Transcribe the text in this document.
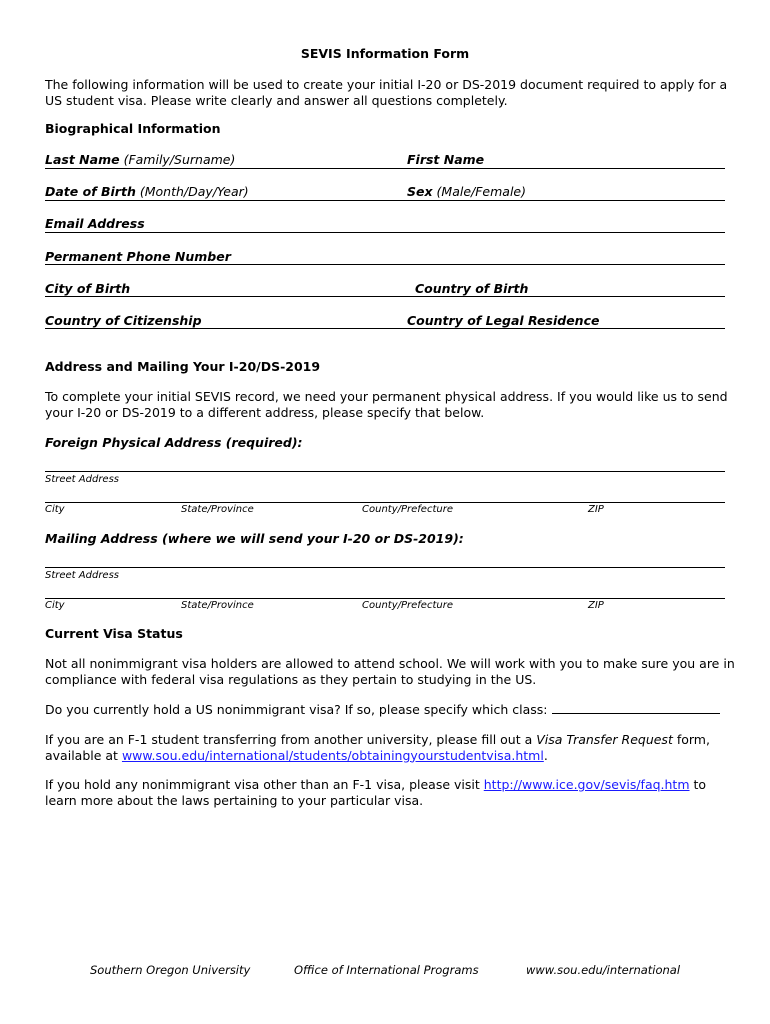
SEVIS Information Form
The following information will be used to create your initial I-20 or DS-2019 document required to apply for a US student visa. Please write clearly and answer all questions completely.
Biographical Information
Last Name (Family/Surname)	First Name
Date of Birth (Month/Day/Year)	Sex (Male/Female)
Email Address
Permanent Phone Number
City of Birth	Country of Birth
Country of Citizenship	Country of Legal Residence
Address and Mailing Your I-20/DS-2019
To complete your initial SEVIS record, we need your permanent physical address. If you would like us to send your I-20 or DS-2019 to a different address, please specify that below.
Foreign Physical Address (required):
Street Address
City	State/Province	County/Prefecture	ZIP
Mailing Address (where we will send your I-20 or DS-2019):
Street Address
City	State/Province	County/Prefecture	ZIP
Current Visa Status
Not all nonimmigrant visa holders are allowed to attend school. We will work with you to make sure you are in compliance with federal visa regulations as they pertain to studying in the US.
Do you currently hold a US nonimmigrant visa? If so, please specify which class:
If you are an F-1 student transferring from another university, please fill out a Visa Transfer Request form, available at www.sou.edu/international/students/obtainingyourstudentvisa.html.
If you hold any nonimmigrant visa other than an F-1 visa, please visit http://www.ice.gov/sevis/faq.htm to learn more about the laws pertaining to your particular visa.
Southern Oregon University	Office of International Programs	www.sou.edu/international
